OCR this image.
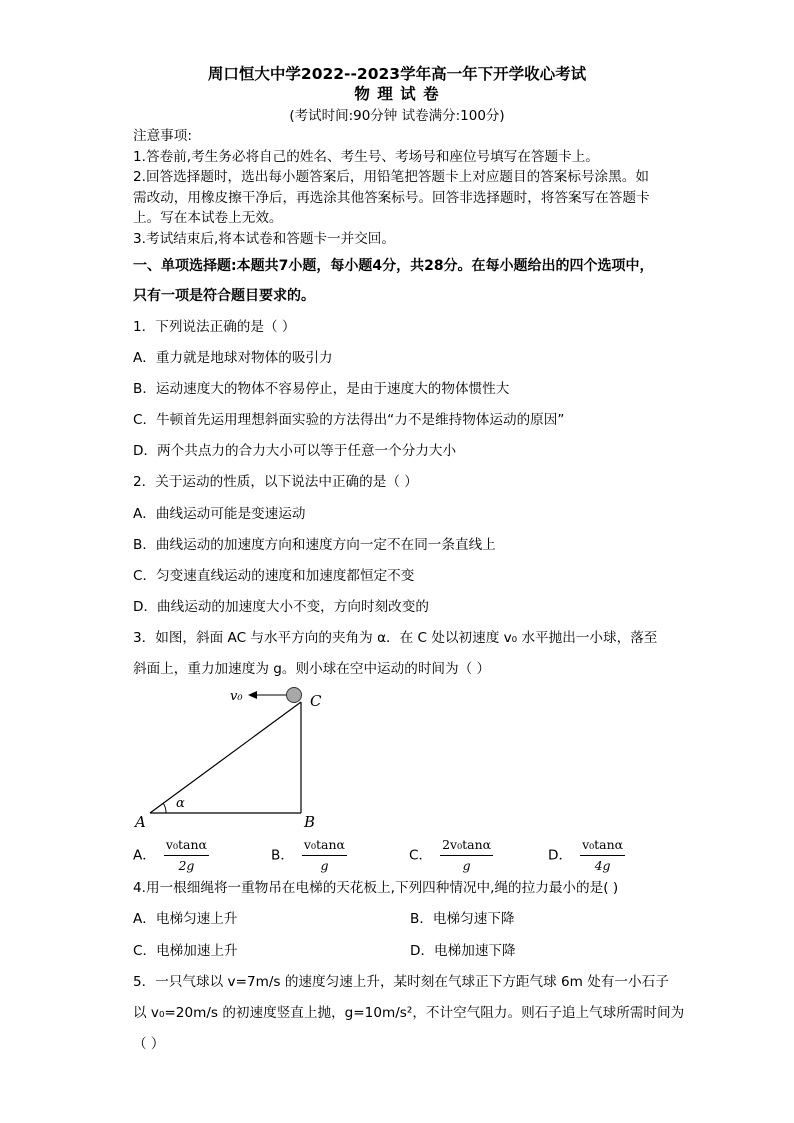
周口恒大中学2022--2023学年高一年下开学收心考试
物 理 试 卷
(考试时间:90分钟 试卷满分:100分)
注意事项:
1.答卷前,考生务必将自己的姓名、考生号、考场号和座位号填写在答题卡上。
2.回答选择题时，选出每小题答案后，用铅笔把答题卡上对应题目的答案标号涂黑。如
需改动，用橡皮擦干净后，再选涂其他答案标号。回答非选择题时，将答案写在答题卡
上。写在本试卷上无效。
3.考试结束后,将本试卷和答题卡一并交回。
一、单项选择题:本题共7小题，每小题4分，共28分。在每小题给出的四个选项中，
只有一项是符合题目要求的。
1．下列说法正确的是（ ）
A．重力就是地球对物体的吸引力
B．运动速度大的物体不容易停止，是由于速度大的物体惯性大
C．牛顿首先运用理想斜面实验的方法得出“力不是维持物体运动的原因”
D．两个共点力的合力大小可以等于任意一个分力大小
2．关于运动的性质，以下说法中正确的是（ ）
A．曲线运动可能是变速运动
B．曲线运动的加速度方向和速度方向一定不在同一条直线上
C．匀变速直线运动的速度和加速度都恒定不变
D．曲线运动的加速度大小不变，方向时刻改变的
3．如图，斜面 AC 与水平方向的夹角为 α．在 C 处以初速度 v₀ 水平抛出一小球，落至
斜面上，重力加速度为 g。则小球在空中运动的时间为（ ）
v₀	C
A	B
α
A． $\frac{\text{v₀tanα}}{2g}$	B． $\frac{\text{v₀tanα}}{g}$	C． $\frac{\text{2v₀tanα}}{g}$	D． $\frac{\text{v₀tanα}}{4g}$
4.用一根细绳将一重物吊在电梯的天花板上,下列四种情况中,绳的拉力最小的是( )
A．电梯匀速上升	B．电梯匀速下降
C．电梯加速上升	D．电梯加速下降
5．一只气球以 v=7m/s 的速度匀速上升，某时刻在气球正下方距气球 6m 处有一小石子
以 v₀=20m/s 的初速度竖直上抛，g=10m/s²，不计空气阻力。则石子追上气球所需时间为
（ ）
